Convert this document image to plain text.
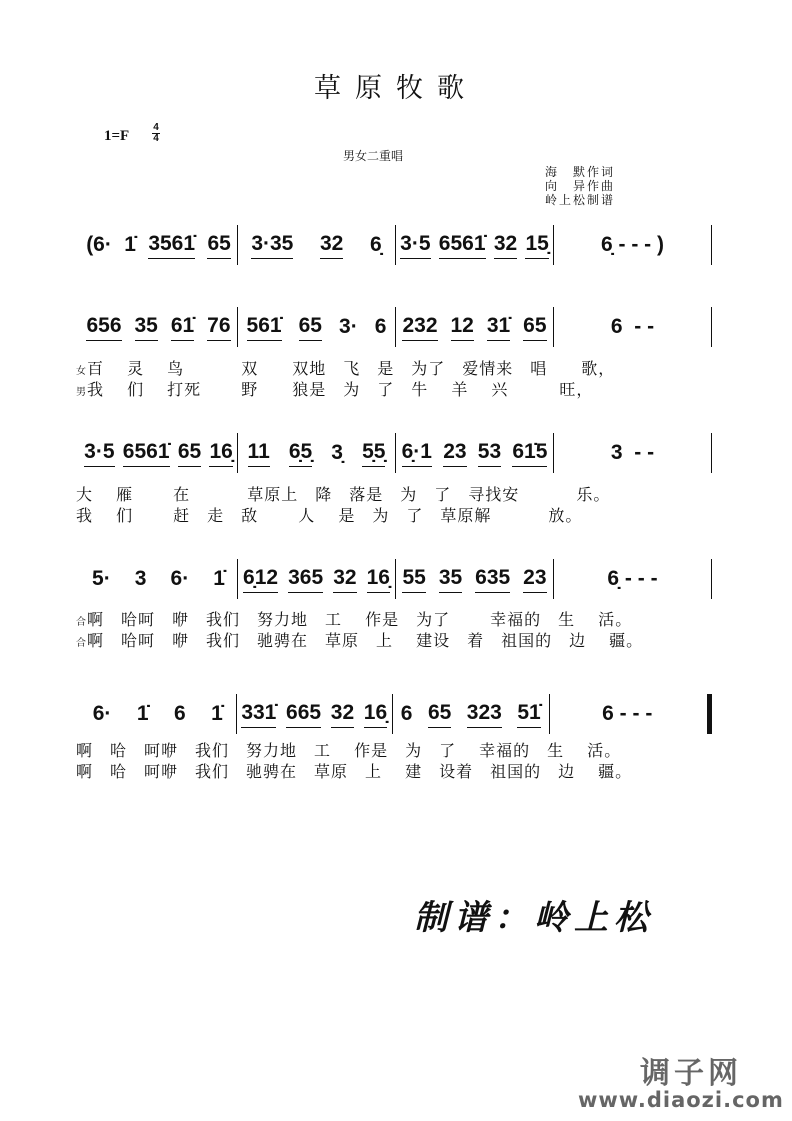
草原牧歌
1=F
4
4
男女二重唱
海　默作词
向　异作曲
岭上松制谱
(6· 1̇ 3561̇ 65 3·35 32 6̣ 3·5 6561̇ 32 15̣ 6̣ - - - )
656 35 61̇ 76 561̇ 65 3· 6 232 12 31̇ 65	6  - -
3·5 6561̇ 65 16̣ 11 6̣5̣ 3̣ 5̣5̣ 6̣·1 23 53 61̇5	3  - -
5· 3 6· 1̇ 6̣12 365 32 16̣ 55 35 635 23	6̣ - - -
6· 1̇ 6 1̇ 331̇ 665 32 16̣ 6 65 323 51̇	6 - - -
女百　 灵　 鸟　　　 双　　双地　飞　是　为了　爱情来　唱　　歌，
男我　 们　 打死　　 野　　狼是　为　了　牛　 羊　 兴　　　旺，
大　 雁　　 在　　　 草原上　降　落是　为　了　寻找安　　　 乐。
我　 们　　 赶　走　敌　　 人　 是　为　了　草原解　　　 放。
合啊　哈呵　咿　我们　努力地　工　 作是　为了　　 幸福的　生　 活。
合啊　哈呵　咿　我们　驰骋在　草原　上　 建设　着　祖国的　边　 疆。
啊　哈　呵咿　我们　努力地　工　 作是　为　了　 幸福的　生　 活。
啊　哈　呵咿　我们　驰骋在　草原　上　 建　设着　祖国的　边　 疆。
制谱：岭上松
调子网
www.diaozi.com
